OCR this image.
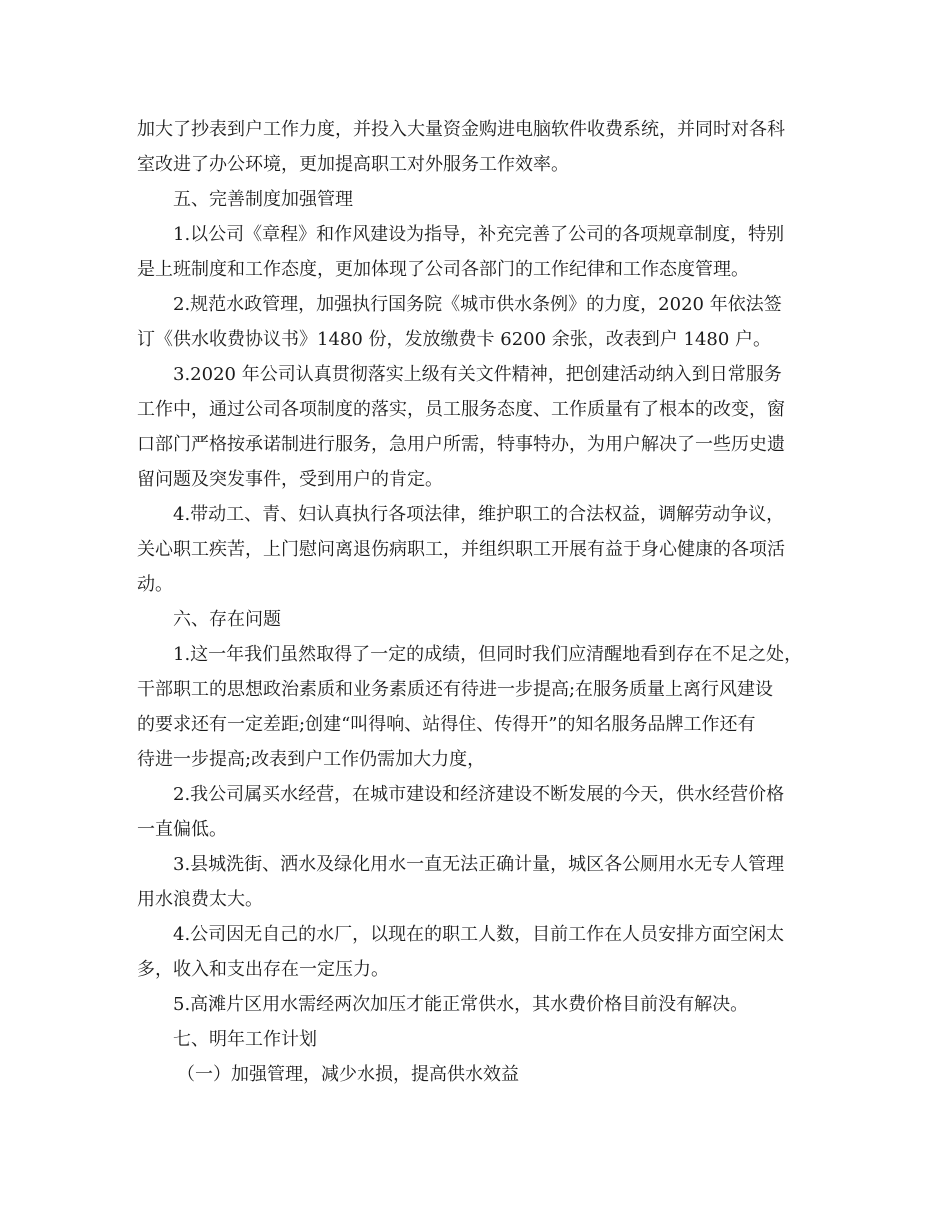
加大了抄表到户工作力度，并投入大量资金购进电脑软件收费系统，并同时对各科
室改进了办公环境，更加提高职工对外服务工作效率。
五、完善制度加强管理
1.以公司《章程》和作风建设为指导，补充完善了公司的各项规章制度，特别
是上班制度和工作态度，更加体现了公司各部门的工作纪律和工作态度管理。
2.规范水政管理，加强执行国务院《城市供水条例》的力度，2020 年依法签
订《供水收费协议书》1480 份，发放缴费卡 6200 余张，改表到户 1480 户。
3.2020 年公司认真贯彻落实上级有关文件精神，把创建活动纳入到日常服务
工作中，通过公司各项制度的落实，员工服务态度、工作质量有了根本的改变，窗
口部门严格按承诺制进行服务，急用户所需，特事特办，为用户解决了一些历史遗
留问题及突发事件，受到用户的肯定。
4.带动工、青、妇认真执行各项法律，维护职工的合法权益，调解劳动争议，
关心职工疾苦，上门慰问离退伤病职工，并组织职工开展有益于身心健康的各项活
动。
六、存在问题
1.这一年我们虽然取得了一定的成绩，但同时我们应清醒地看到存在不足之处，
干部职工的思想政治素质和业务素质还有待进一步提高;在服务质量上离行风建设
的要求还有一定差距;创建“叫得响、站得住、传得开”的知名服务品牌工作还有
待进一步提高;改表到户工作仍需加大力度，
2.我公司属买水经营，在城市建设和经济建设不断发展的今天，供水经营价格
一直偏低。
3.县城洗街、洒水及绿化用水一直无法正确计量，城区各公厕用水无专人管理
用水浪费太大。
4.公司因无自己的水厂，以现在的职工人数，目前工作在人员安排方面空闲太
多，收入和支出存在一定压力。
5.高滩片区用水需经两次加压才能正常供水，其水费价格目前没有解决。
七、明年工作计划
（一）加强管理，减少水损，提高供水效益
